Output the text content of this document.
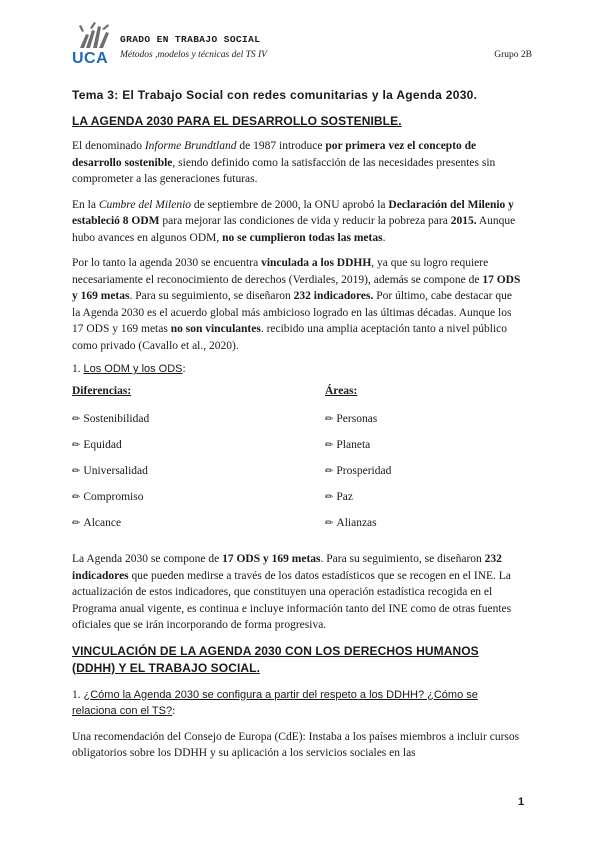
UCA
GRADO EN TRABAJO SOCIAL
Métodos ,modelos y técnicas del TS IV	Grupo 2B
Tema 3: El Trabajo Social con redes comunitarias y la Agenda 2030.
LA AGENDA 2030 PARA EL DESARROLLO SOSTENIBLE.

El denominado Informe Brundtland de 1987 introduce por primera vez el concepto de desarrollo sostenible, siendo definido como la satisfacción de las necesidades presentes sin comprometer a las generaciones futuras.

En la Cumbre del Milenio de septiembre de 2000, la ONU aprobó la Declaración del Milenio y estableció 8 ODM para mejorar las condiciones de vida y reducir la pobreza para 2015. Aunque hubo avances en algunos ODM, no se cumplieron todas las metas.

Por lo tanto la agenda 2030 se encuentra vinculada a los DDHH, ya que su logro requiere necesariamente el reconocimiento de derechos (Verdiales, 2019), además se compone de 17 ODS y 169 metas. Para su seguimiento, se diseñaron 232 indicadores. Por último, cabe destacar que la Agenda 2030 es el acuerdo global más ambicioso logrado en las últimas décadas. Aunque los 17 ODS y 169 metas no son vinculantes. recibido una amplia aceptación tanto a nivel público como privado (Cavallo et al., 2020).

1. Los ODM y los ODS:
Diferencias:
✏ Sostenibilidad
✏ Equidad
✏ Universalidad
✏ Compromiso
✏ Alcance
Áreas:
✏ Personas
✏ Planeta
✏ Prosperidad
✏ Paz
✏ Alianzas

La Agenda 2030 se compone de 17 ODS y 169 metas. Para su seguimiento, se diseñaron 232 indicadores que pueden medirse a través de los datos estadísticos que se recogen en el INE. La actualización de estos indicadores, que constituyen una operación estadística recogida en el Programa anual vigente, es continua e incluye información tanto del INE como de otras fuentes oficiales que se irán incorporando de forma progresiva.

VINCULACIÓN DE LA AGENDA 2030 CON LOS DERECHOS HUMANOS (DDHH) Y EL TRABAJO SOCIAL.
1. ¿Cómo la Agenda 2030 se configura a partir del respeto a los DDHH? ¿Cómo se relaciona con el TS?:

Una recomendación del Consejo de Europa (CdE): Instaba a los países miembros a incluir cursos obligatorios sobre los DDHH y su aplicación a los servicios sociales en las

1
